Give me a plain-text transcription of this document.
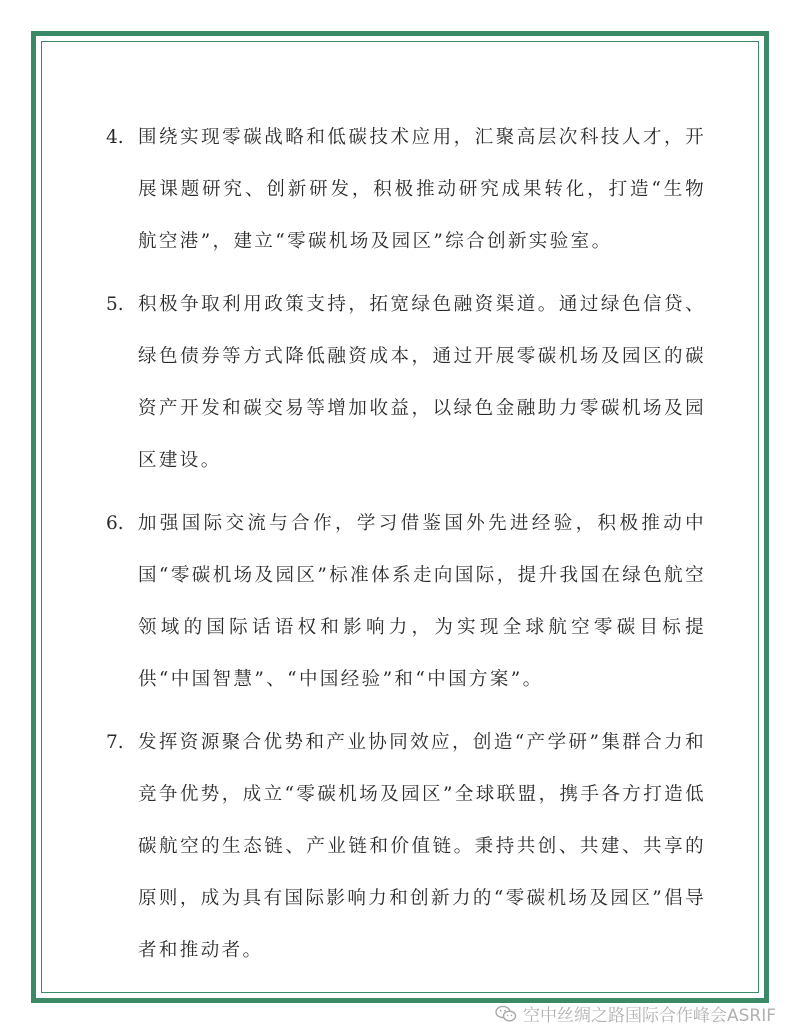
4. 围绕实现零碳战略和低碳技术应用，汇聚高层次科技人才，开展课题研究、创新研发，积极推动研究成果转化，打造“生物航空港”，建立“零碳机场及园区”综合创新实验室。
5. 积极争取利用政策支持，拓宽绿色融资渠道。通过绿色信贷、绿色债券等方式降低融资成本，通过开展零碳机场及园区的碳资产开发和碳交易等增加收益，以绿色金融助力零碳机场及园区建设。
6. 加强国际交流与合作，学习借鉴国外先进经验，积极推动中国“零碳机场及园区”标准体系走向国际，提升我国在绿色航空领域的国际话语权和影响力，为实现全球航空零碳目标提供“中国智慧”、“中国经验”和“中国方案”。
7. 发挥资源聚合优势和产业协同效应，创造“产学研”集群合力和竞争优势，成立“零碳机场及园区”全球联盟，携手各方打造低碳航空的生态链、产业链和价值链。秉持共创、共建、共享的原则，成为具有国际影响力和创新力的“零碳机场及园区”倡导者和推动者。
空中丝绸之路国际合作峰会ASRIF
